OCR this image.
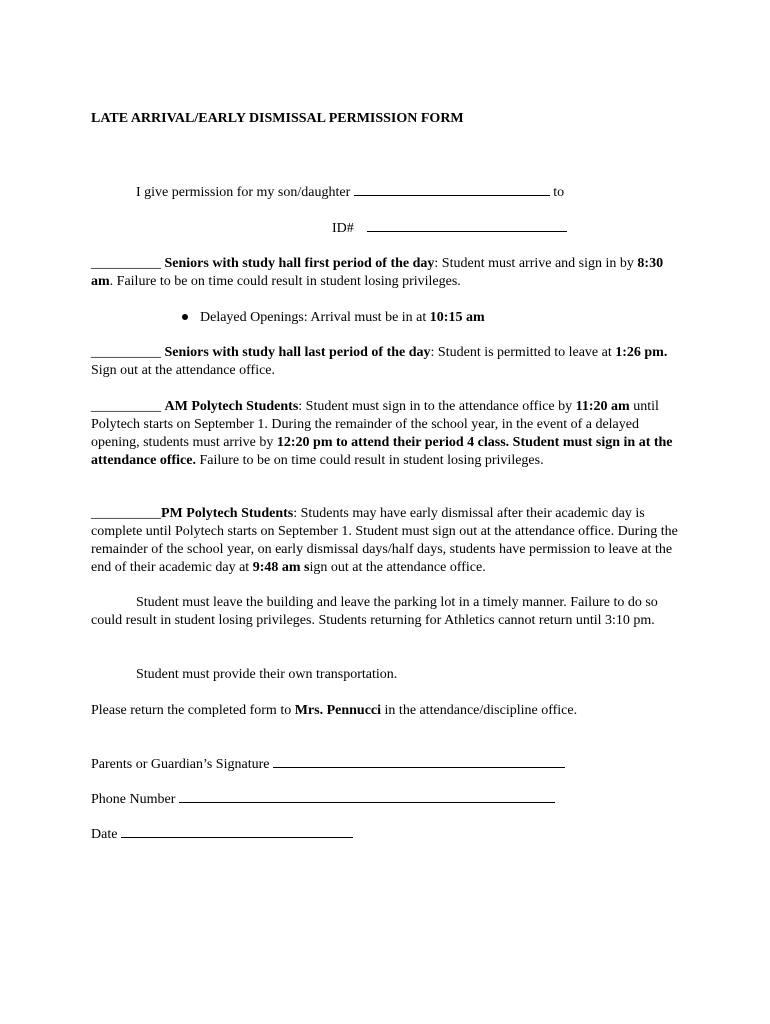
LATE ARRIVAL/EARLY DISMISSAL PERMISSION FORM
I give permission for my son/daughter	to
ID#
__________ Seniors with study hall first period of the day: Student must arrive and sign in by 8:30 am. Failure to be on time could result in student losing privileges.
Delayed Openings: Arrival must be in at 10:15 am
__________ Seniors with study hall last period of the day: Student is permitted to leave at 1:26 pm. Sign out at the attendance office.
__________ AM Polytech Students: Student must sign in to the attendance office by 11:20 am until Polytech starts on September 1. During the remainder of the school year, in the event of a delayed opening, students must arrive by 12:20 pm to attend their period 4 class. Student must sign in at the attendance office. Failure to be on time could result in student losing privileges.
__________PM Polytech Students: Students may have early dismissal after their academic day is complete until Polytech starts on September 1. Student must sign out at the attendance office. During the remainder of the school year, on early dismissal days/half days, students have permission to leave at the end of their academic day at 9:48 am sign out at the attendance office.
Student must leave the building and leave the parking lot in a timely manner. Failure to do so could result in student losing privileges. Students returning for Athletics cannot return until 3:10 pm.
Student must provide their own transportation.
Please return the completed form to Mrs. Pennucci in the attendance/discipline office.
Parents or Guardian’s Signature
Phone Number
Date
